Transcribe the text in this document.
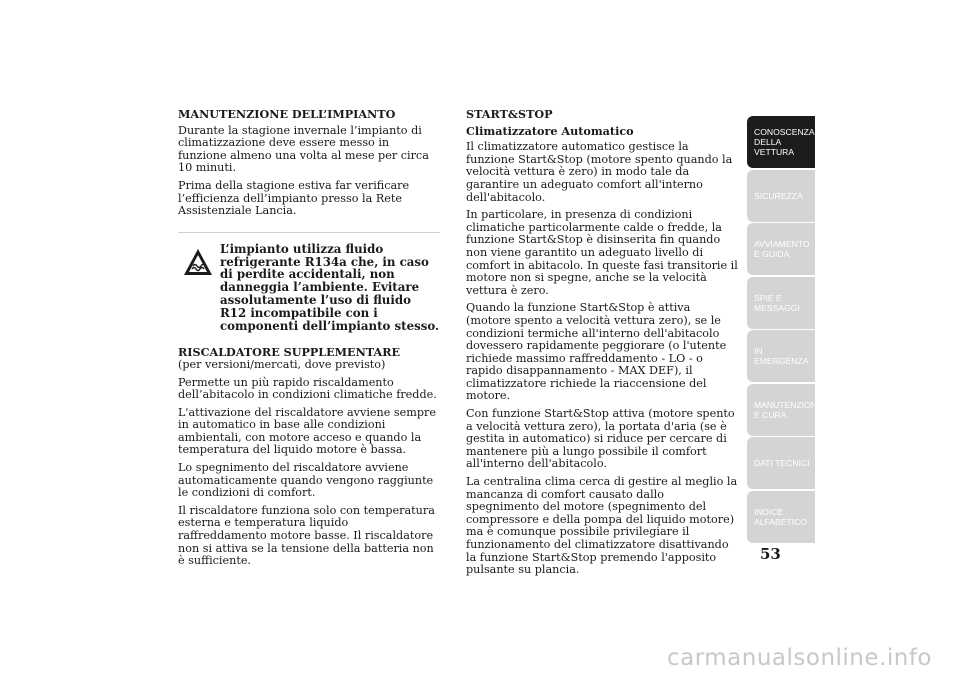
MANUTENZIONE DELL’IMPIANTO

Durante la stagione invernale l’impianto di climatizzazione deve essere messo in funzione almeno una volta al mese per circa 10 minuti.

Prima della stagione estiva far verificare l’efficienza dell’impianto presso la Rete Assistenziale Lancia.

L’impianto utilizza fluido refrigerante R134a che, in caso di perdite accidentali, non danneggia l’ambiente. Evitare assolutamente l’uso di fluido R12 incompatibile con i componenti dell’impianto stesso.
RISCALDATORE SUPPLEMENTARE

(per versioni/mercati, dove previsto)

Permette un più rapido riscaldamento dell’abitacolo in condizioni climatiche fredde.

L'attivazione del riscaldatore avviene sempre in automatico in base alle condizioni ambientali, con motore acceso e quando la temperatura del liquido motore è bassa.

Lo spegnimento del riscaldatore avviene automaticamente quando vengono raggiunte le condizioni di comfort.

Il riscaldatore funziona solo con temperatura esterna e temperatura liquido raffreddamento motore basse. Il riscaldatore non si attiva se la tensione della batteria non è sufficiente.

START&STOP
Climatizzatore Automatico

Il climatizzatore automatico gestisce la funzione Start&Stop (motore spento quando la velocità vettura è zero) in modo tale da garantire un adeguato comfort all'interno dell'abitacolo.

In particolare, in presenza di condizioni climatiche particolarmente calde o fredde, la funzione Start&Stop è disinserita fin quando non viene garantito un adeguato livello di comfort in abitacolo. In queste fasi transitorie il motore non si spegne, anche se la velocità vettura è zero.

Quando la funzione Start&Stop è attiva (motore spento a velocità vettura zero), se le condizioni termiche all'interno dell'abitacolo dovessero rapidamente peggiorare (o l'utente richiede massimo raffreddamento - LO - o rapido disappannamento - MAX DEF), il climatizzatore richiede la riaccensione del motore.

Con funzione Start&Stop attiva (motore spento a velocità vettura zero), la portata d'aria (se è gestita in automatico) si riduce per cercare di mantenere più a lungo possibile il comfort all'interno dell'abitacolo.

La centralina clima cerca di gestire al meglio la mancanza di comfort causato dallo spegnimento del motore (spegnimento del compressore e della pompa del liquido motore) ma è comunque possibile privilegiare il funzionamento del climatizzatore disattivando la funzione Start&Stop premendo l'apposito pulsante su plancia.

CONOSCENZA DELLA VETTURA
SICUREZZA
AVVIAMENTO E GUIDA
SPIE E MESSAGGI
IN EMERGENZA
MANUTENZIONE E CURA
DATI TECNICI
INDICE ALFABETICO
53
carmanualsonline.info
